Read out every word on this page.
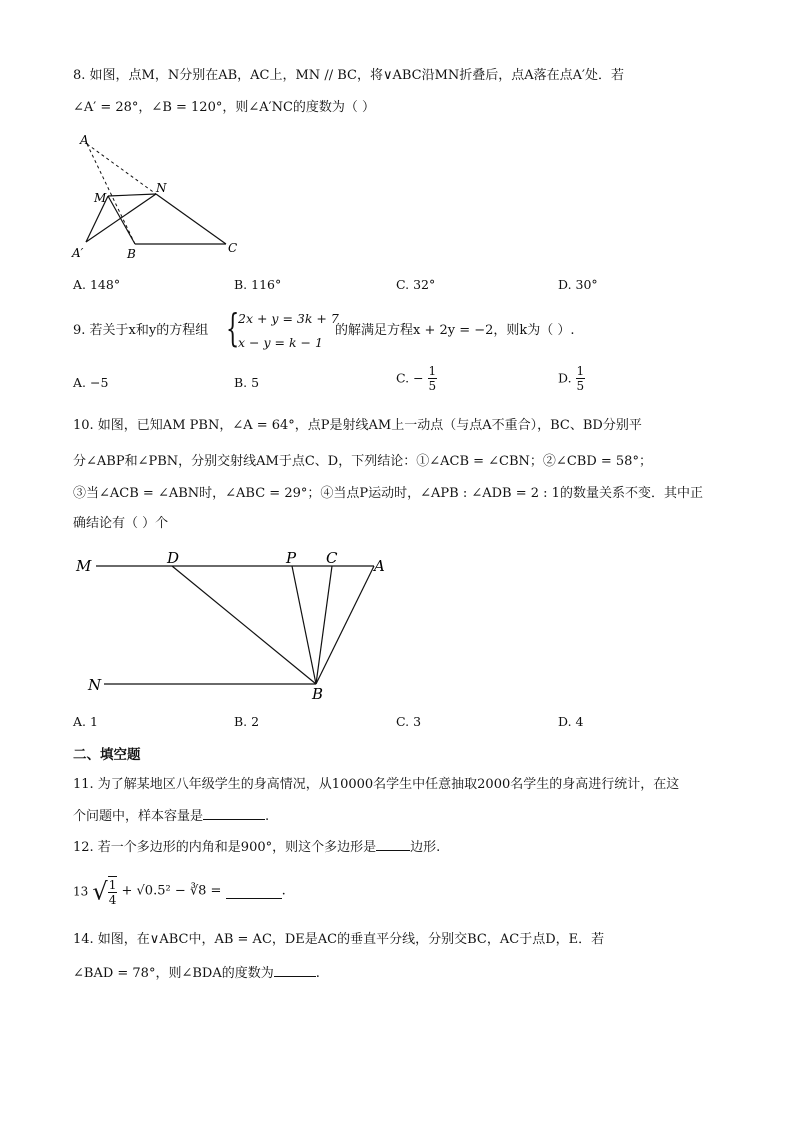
8. 如图，点M，N分别在AB，AC上，MN // BC，将∨ABC沿MN折叠后，点A落在点A′处．若
∠A′ = 28°，∠B = 120°，则∠A′NC的度数为（ ）
A
M
N
A′	B	C
A. 148°	B. 116°	C. 32°	D. 30°
9. 若关于x和y的方程组 {
2x + y = 3k + 7
x − y = k − 1
的解满足方程x + 2y = −2，则k为（ ）.
A. −5	B. 5	C. − $\frac{1}{5}$	D. $\frac{1}{5}$
10. 如图，已知AM PBN，∠A = 64°，点P是射线AM上一动点（与点A不重合），BC、BD分别平
分∠ABP和∠PBN，分别交射线AM于点C、D，下列结论：①∠ACB = ∠CBN；②∠CBD = 58°；
③当∠ACB = ∠ABN时，∠ABC = 29°；④当点P运动时，∠APB : ∠ADB = 2 : 1的数量关系不变．其中正
确结论有（ ）个
M	D	P C A
N	B
A. 1	B. 2	C. 3	D. 4
二、填空题
11. 为了解某地区八年级学生的身高情况，从10000名学生中任意抽取2000名学生的身高进行统计，在这
个问题中，样本容量是	.
12. 若一个多边形的内角和是900°，则这个多边形是	边形.
13 √ $\frac{1}{4} + √0.5^2$ − ∛8 =	.
14. 如图，在∨ABC中，AB = AC，DE是AC的垂直平分线，分别交BC，AC于点D，E．若
∠BAD = 78°，则∠BDA的度数为	.
